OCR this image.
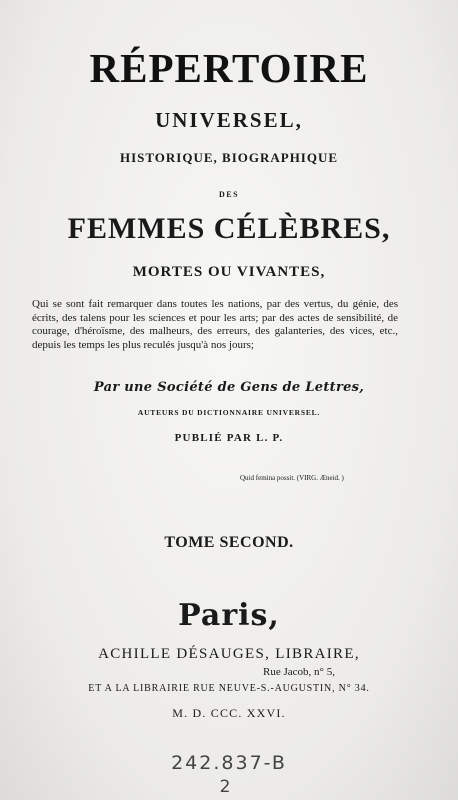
RÉPERTOIRE
UNIVERSEL,
HISTORIQUE, BIOGRAPHIQUE
DES
FEMMES CÉLÈBRES,
MORTES OU VIVANTES,
Qui se sont fait remarquer dans toutes les nations, par des vertus, du génie, des écrits, des talens pour les sciences et pour les arts; par des actes de sensibilité, de courage, d'héroïsme, des malheurs, des erreurs, des galanteries, des vices, etc., depuis les temps les plus reculés jusqu'à nos jours;
Par une Société de Gens de Lettres,
AUTEURS DU DICTIONNAIRE UNIVERSEL.
PUBLIÉ PAR L. P.
Quid femina possit. (VIRG. Æneid. )
TOME SECOND.
Paris,
ACHILLE DÉSAUGES, LIBRAIRE,
Rue Jacob, n° 5,
ET A LA LIBRAIRIE RUE NEUVE-S.-AUGUSTIN, N° 34.
M. D. CCC. XXVI.
242.837-B
2
